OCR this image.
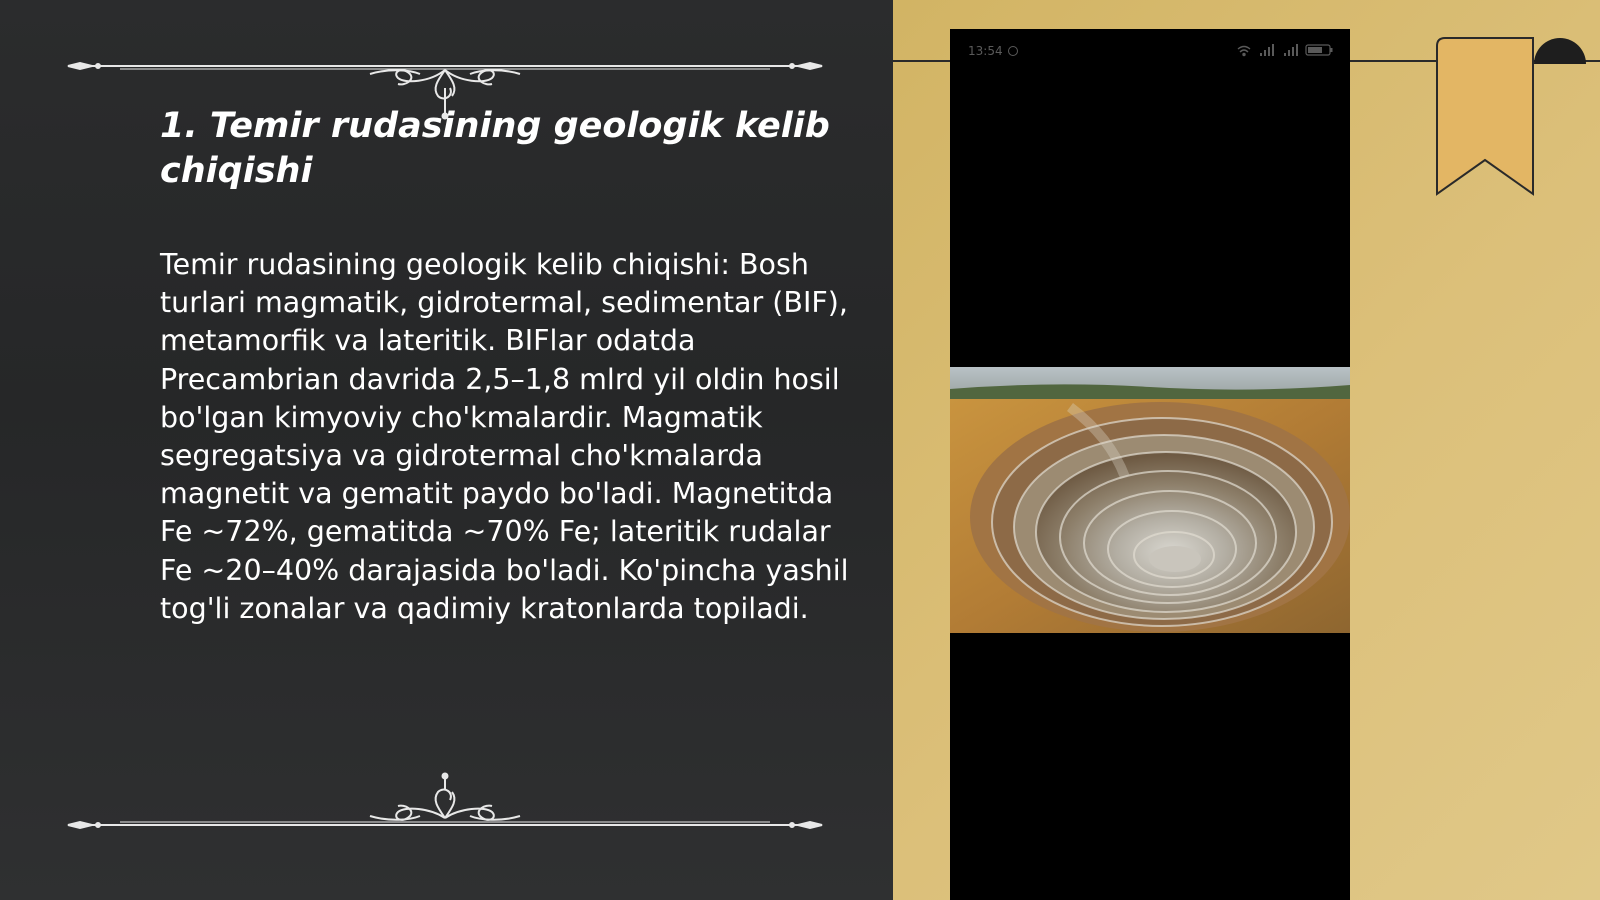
1. Temir rudasining geologik kelib chiqishi

Temir rudasining geologik kelib chiqishi: Bosh turlari magmatik, gidrotermal, sedimentar (BIF), metamorfik va lateritik. BIFlar odatda Precambrian davrida 2,5–1,8 mlrd yil oldin hosil bo'lgan kimyoviy cho'kmalardir. Magmatik segregatsiya va gidrotermal cho'kmalarda magnetit va gematit paydo bo'ladi. Magnetitda Fe ~72%, gematitda ~70% Fe; lateritik rudalar Fe ~20–40% darajasida bo'ladi. Ko'pincha yashil tog'li zonalar va qadimiy kratonlarda topiladi.

13:54
